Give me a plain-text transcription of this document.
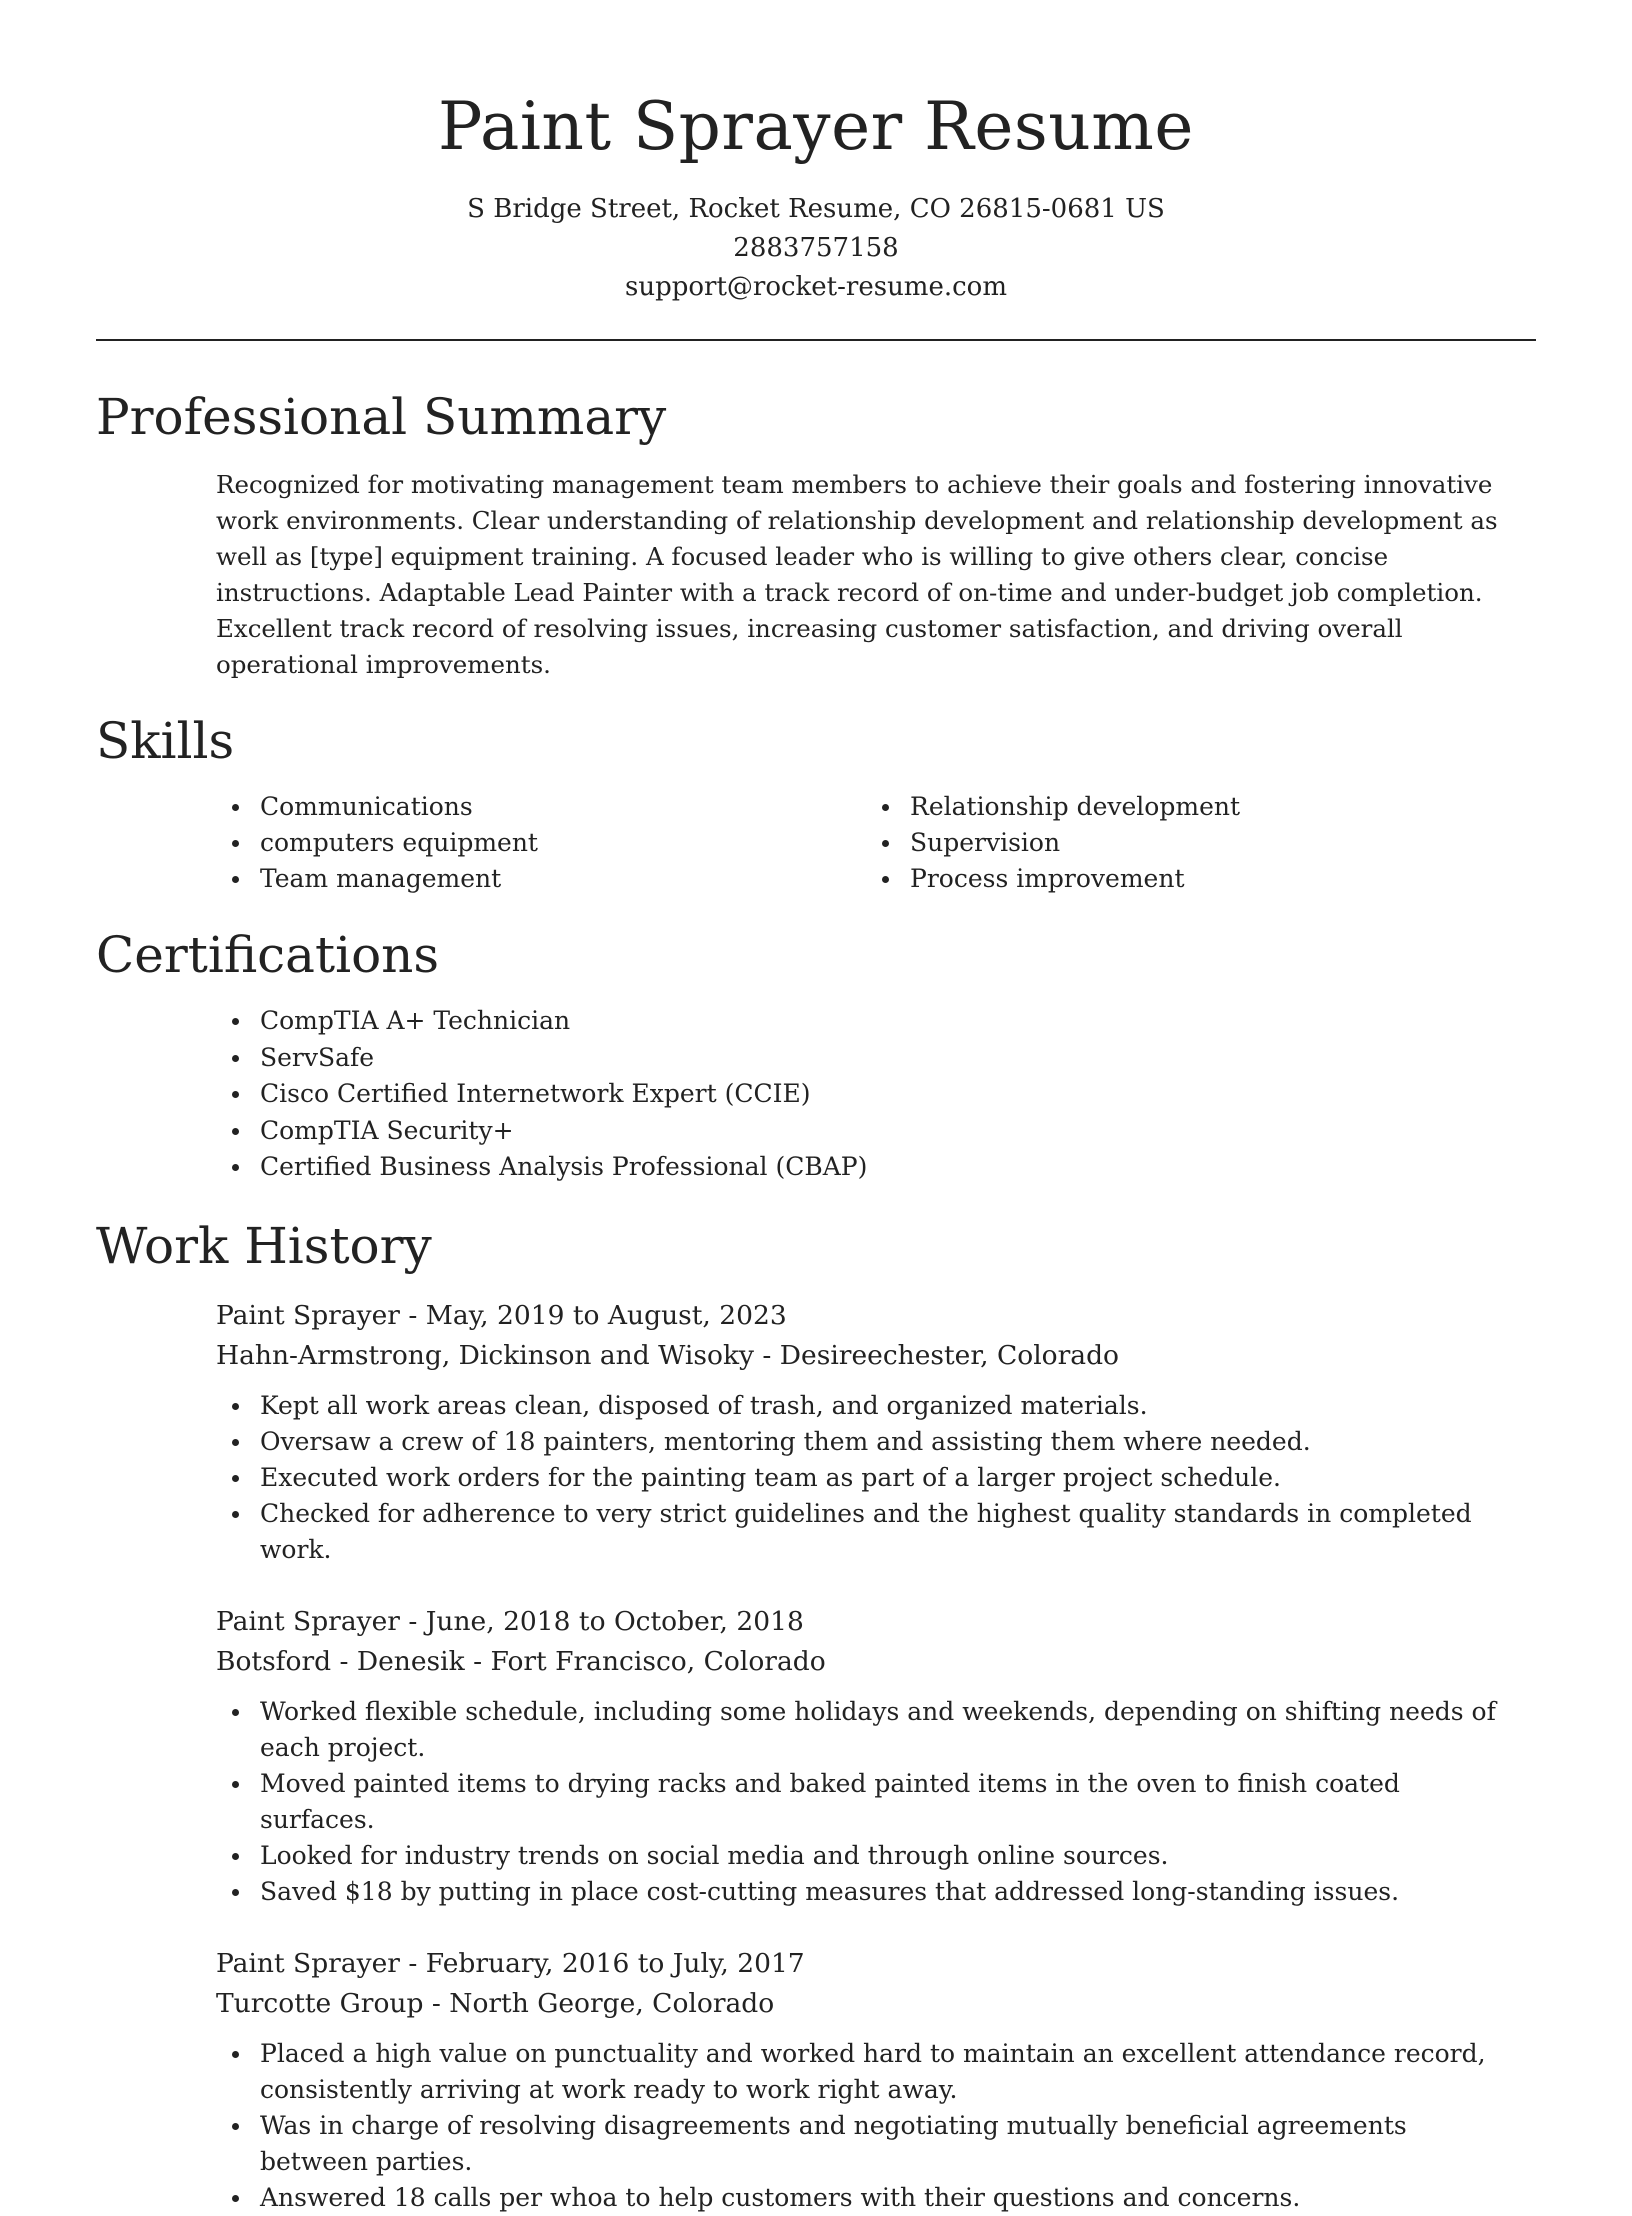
Paint Sprayer Resume
S Bridge Street, Rocket Resume, CO 26815-0681 US
2883757158
support@rocket-resume.com
Professional Summary

Recognized for motivating management team members to achieve their goals and fostering innovative work environments. Clear understanding of relationship development and relationship development as well as [type] equipment training. A focused leader who is willing to give others clear, concise instructions. Adaptable Lead Painter with a track record of on-time and under-budget job completion. Excellent track record of resolving issues, increasing customer satisfaction, and driving overall operational improvements.

Skills
Communications
computers equipment
Team management
Relationship development
Supervision
Process improvement
Certifications
CompTIA A+ Technician
ServSafe
Cisco Certified Internetwork Expert (CCIE)
CompTIA Security+
Certified Business Analysis Professional (CBAP)
Work History
Paint Sprayer - May, 2019 to August, 2023
Hahn-Armstrong, Dickinson and Wisoky - Desireechester, Colorado
Kept all work areas clean, disposed of trash, and organized materials.
Oversaw a crew of 18 painters, mentoring them and assisting them where needed.
Executed work orders for the painting team as part of a larger project schedule.
Checked for adherence to very strict guidelines and the highest quality standards in completed work.
Paint Sprayer - June, 2018 to October, 2018
Botsford - Denesik - Fort Francisco, Colorado
Worked flexible schedule, including some holidays and weekends, depending on shifting needs of each project.
Moved painted items to drying racks and baked painted items in the oven to finish coated surfaces.
Looked for industry trends on social media and through online sources.
Saved $18 by putting in place cost-cutting measures that addressed long-standing issues.
Paint Sprayer - February, 2016 to July, 2017
Turcotte Group - North George, Colorado
Placed a high value on punctuality and worked hard to maintain an excellent attendance record, consistently arriving at work ready to work right away.
Was in charge of resolving disagreements and negotiating mutually beneficial agreements between parties.
Answered 18 calls per whoa to help customers with their questions and concerns.
